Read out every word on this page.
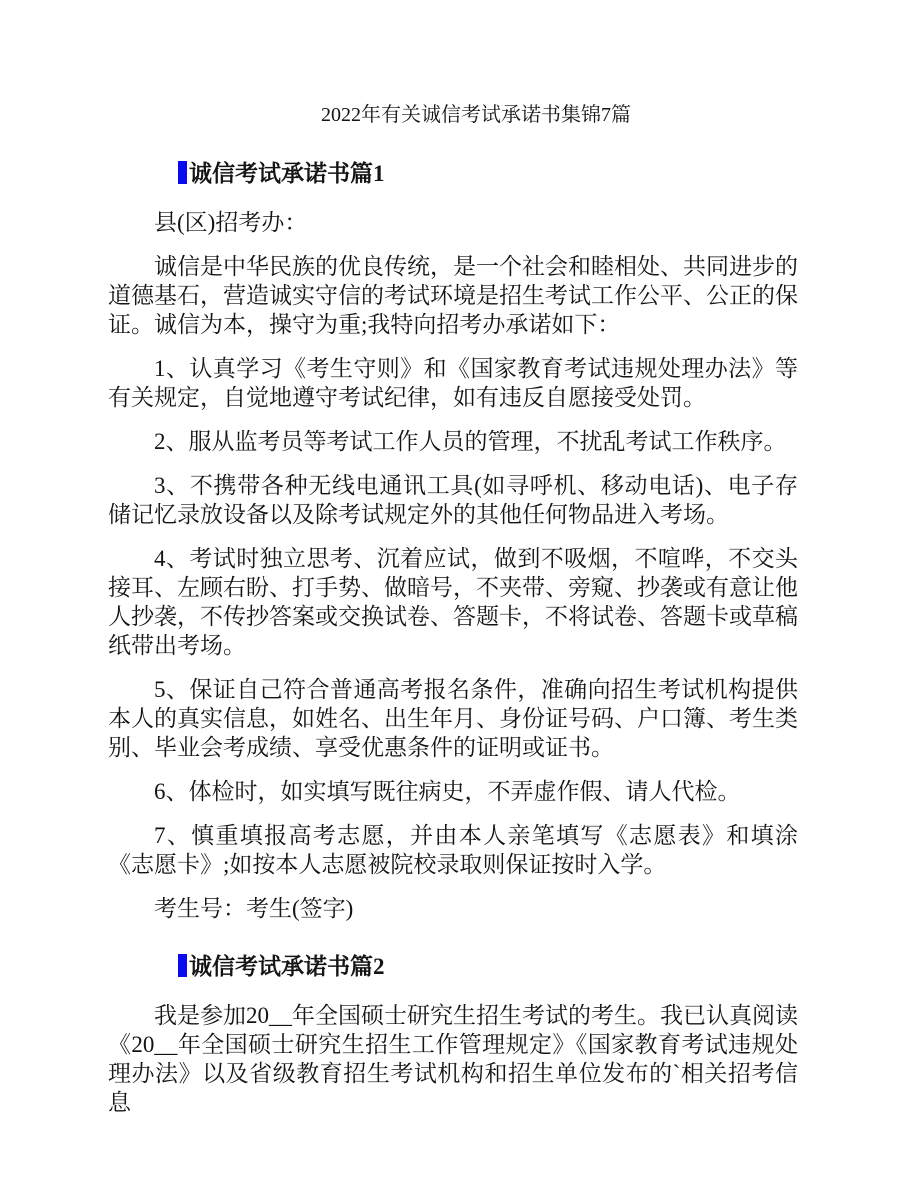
2022年有关诚信考试承诺书集锦7篇
诚信考试承诺书篇1

县(区)招考办：

诚信是中华民族的优良传统，是一个社会和睦相处、共同进步的道德基石，营造诚实守信的考试环境是招生考试工作公平、公正的保证。诚信为本，操守为重;我特向招考办承诺如下：

1、认真学习《考生守则》和《国家教育考试违规处理办法》等有关规定，自觉地遵守考试纪律，如有违反自愿接受处罚。

2、服从监考员等考试工作人员的管理，不扰乱考试工作秩序。

3、不携带各种无线电通讯工具(如寻呼机、移动电话)、电子存储记忆录放设备以及除考试规定外的其他任何物品进入考场。

4、考试时独立思考、沉着应试，做到不吸烟，不喧哗，不交头接耳、左顾右盼、打手势、做暗号，不夹带、旁窥、抄袭或有意让他人抄袭，不传抄答案或交换试卷、答题卡，不将试卷、答题卡或草稿纸带出考场。

5、保证自己符合普通高考报名条件，准确向招生考试机构提供本人的真实信息，如姓名、出生年月、身份证号码、户口簿、考生类别、毕业会考成绩、享受优惠条件的证明或证书。

6、体检时，如实填写既往病史，不弄虚作假、请人代检。

7、慎重填报高考志愿，并由本人亲笔填写《志愿表》和填涂《志愿卡》;如按本人志愿被院校录取则保证按时入学。

考生号：考生(签字)

诚信考试承诺书篇2

我是参加20__年全国硕士研究生招生考试的考生。我已认真阅读《20__年全国硕士研究生招生工作管理规定》《国家教育考试违规处理办法》以及省级教育招生考试机构和招生单位发布的`相关招考信息
